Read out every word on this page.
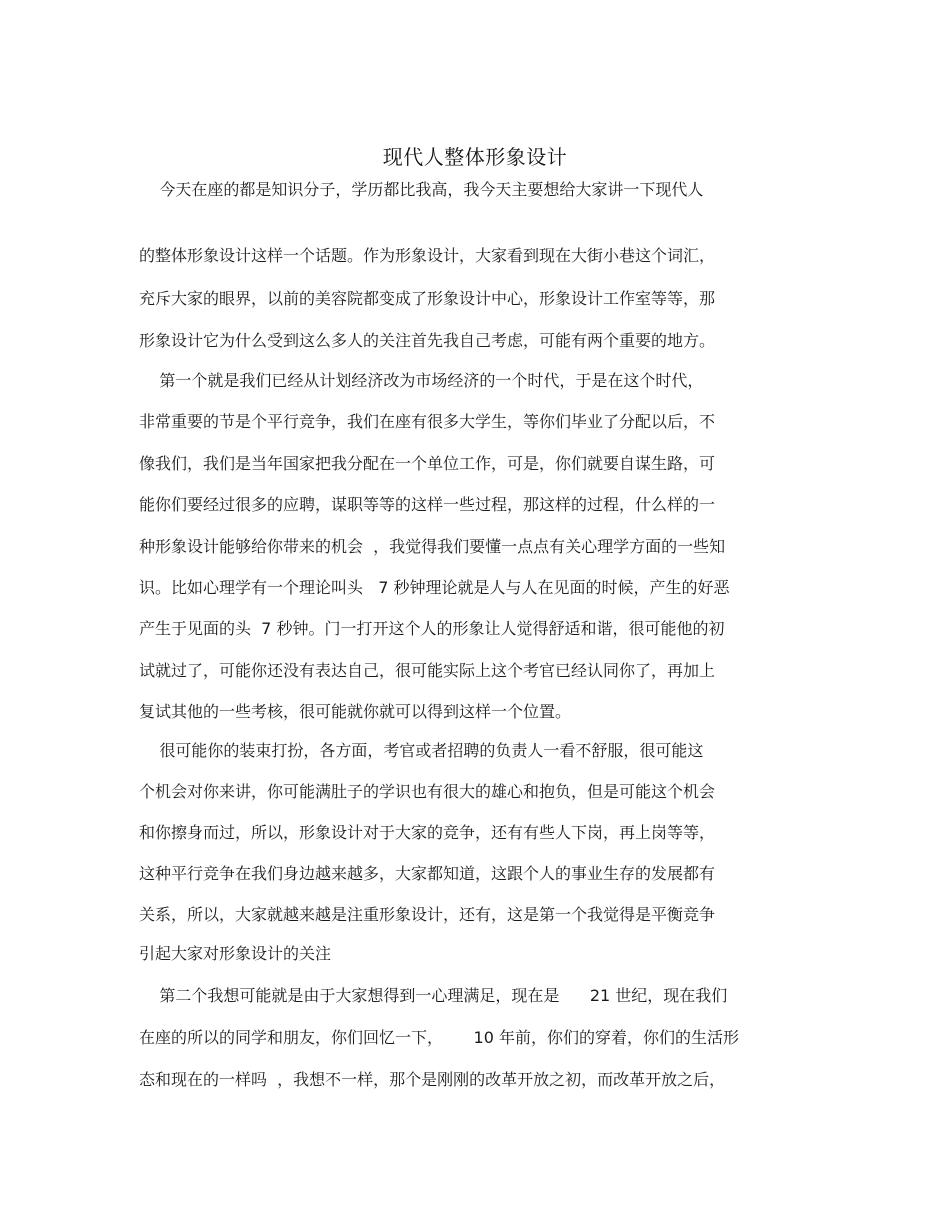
现代人整体形象设计
今天在座的都是知识分子，学历都比我高，我今天主要想给大家讲一下现代人
的整体形象设计这样一个话题。作为形象设计，大家看到现在大街小巷这个词汇，
充斥大家的眼界，以前的美容院都变成了形象设计中心，形象设计工作室等等，那
形象设计它为什么受到这么多人的关注首先我自己考虑，可能有两个重要的地方。
第一个就是我们已经从计划经济改为市场经济的一个时代，于是在这个时代，
非常重要的节是个平行竞争，我们在座有很多大学生，等你们毕业了分配以后，不
像我们，我们是当年国家把我分配在一个单位工作，可是，你们就要自谋生路，可
能你们要经过很多的应聘，谋职等等的这样一些过程，那这样的过程，什么样的一
种形象设计能够给你带来的机会  ，我觉得我们要懂一点点有关心理学方面的一些知
识。比如心理学有一个理论叫头   7 秒钟理论就是人与人在见面的时候，产生的好恶
产生于见面的头  7 秒钟。门一打开这个人的形象让人觉得舒适和谐，很可能他的初
试就过了，可能你还没有表达自己，很可能实际上这个考官已经认同你了，再加上
复试其他的一些考核，很可能就你就可以得到这样一个位置。
很可能你的装束打扮，各方面，考官或者招聘的负责人一看不舒服，很可能这
个机会对你来讲，你可能满肚子的学识也有很大的雄心和抱负，但是可能这个机会
和你擦身而过，所以，形象设计对于大家的竞争，还有有些人下岗，再上岗等等，
这种平行竞争在我们身边越来越多，大家都知道，这跟个人的事业生存的发展都有
关系，所以，大家就越来越是注重形象设计，还有，这是第一个我觉得是平衡竞争
引起大家对形象设计的关注
第二个我想可能就是由于大家想得到一心理满足，现在是      21 世纪，现在我们
在座的所以的同学和朋友，你们回忆一下，      10 年前，你们的穿着，你们的生活形
态和现在的一样吗  ，我想不一样，那个是刚刚的改革开放之初，而改革开放之后，
